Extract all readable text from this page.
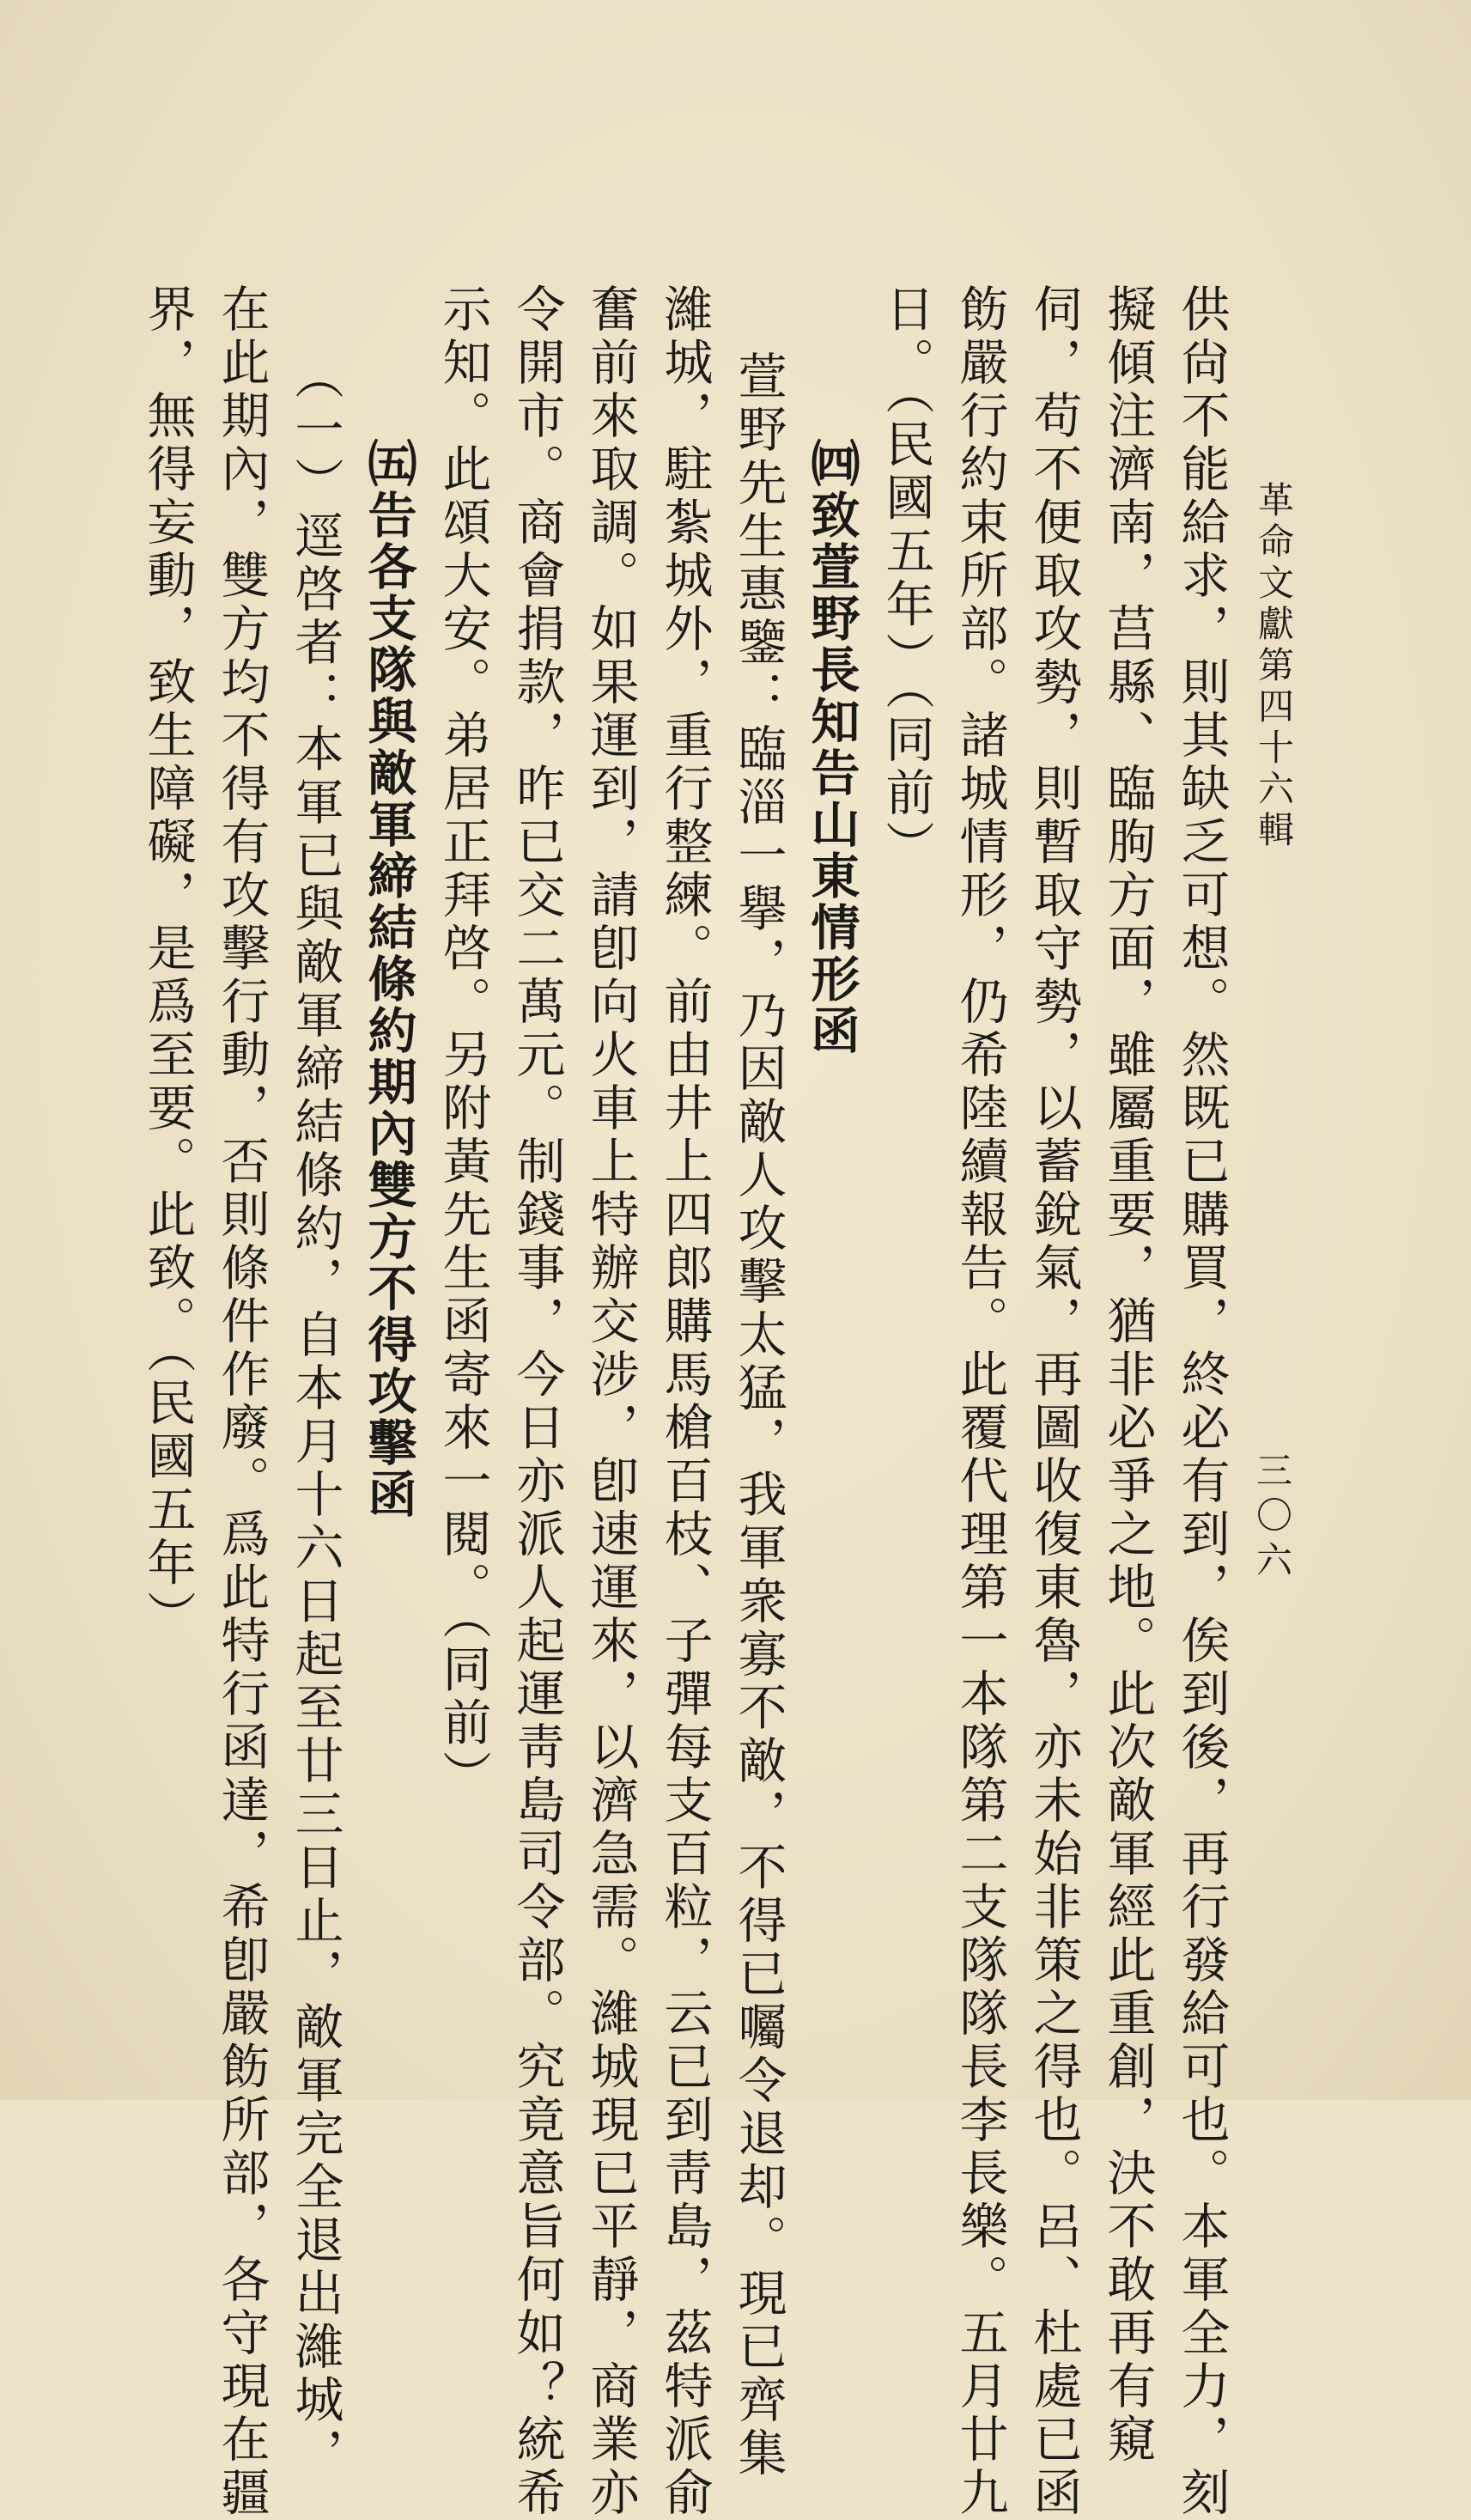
革命文獻第四十六輯
三〇六
供尙不能給求，則其缺乏可想。然既已購買，終必有到，俟到後，再行發給可也。本軍全力，刻
擬傾注濟南，莒縣、臨朐方面，雖屬重要，猶非必爭之地。此次敵軍經此重創，決不敢再有窺
伺，苟不便取攻勢，則暫取守勢，以蓄銳氣，再圖收復東魯，亦未始非策之得也。呂、杜處已函
飭嚴行約束所部。諸城情形，仍希陸續報告。此覆代理第一本隊第二支隊隊長李長樂。五月廿九
日。（民國五年）（同前）
㈣致萱野長知告山東情形函
萱野先生惠鑒：臨淄一擧，乃因敵人攻擊太猛，我軍衆寡不敵，不得已囑令退却。現已齊集
濰城，駐紮城外，重行整練。前由井上四郎購馬槍百枝、子彈每支百粒，云已到靑島，茲特派俞
奮前來取調。如果運到，請卽向火車上特辦交涉，卽速運來，以濟急需。濰城現已平靜，商業亦
令開市。商會捐款，昨已交二萬元。制錢事，今日亦派人起運靑島司令部。究竟意旨何如？統希
示知。此頌大安。弟居正拜啓。另附黃先生函寄來一閱。（同前）
㈤告各支隊與敵軍締結條約期內雙方不得攻擊函
（一）逕啓者：本軍已與敵軍締結條約，自本月十六日起至廿三日止，敵軍完全退出濰城，
在此期內，雙方均不得有攻擊行動，否則條件作廢。爲此特行函達，希卽嚴飭所部，各守現在疆
界，無得妄動，致生障礙，是爲至要。此致。（民國五年）
